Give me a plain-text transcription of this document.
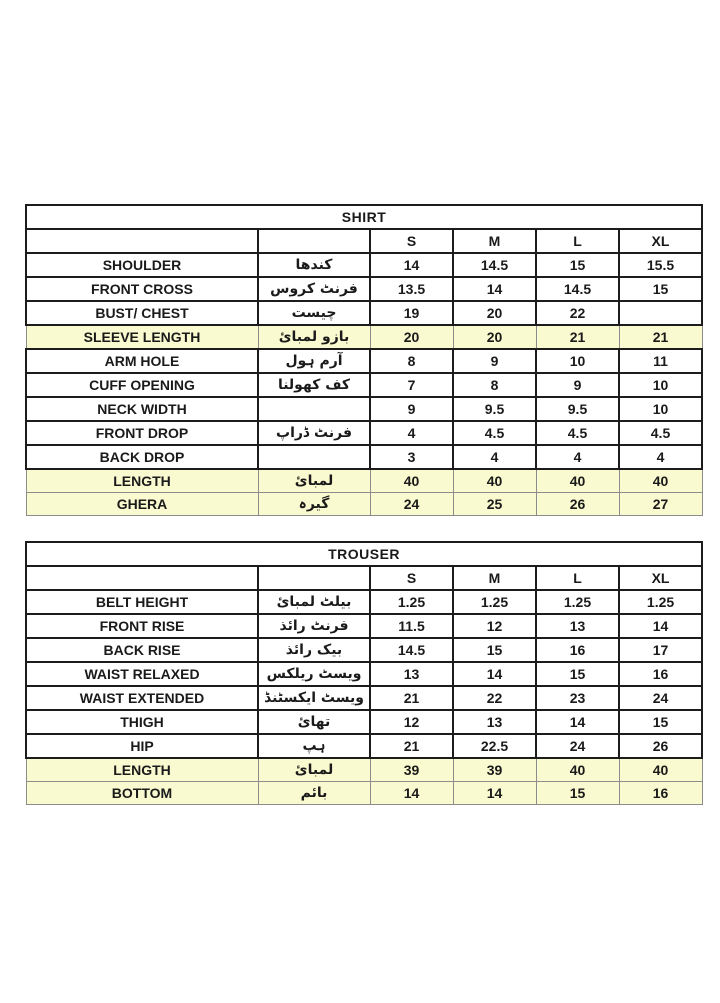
SHIRT					
		S	M	L	XL
SHOULDER	کندھا	14	14.5	15	15.5
FRONT CROSS	فرنٹ کروس	13.5	14	14.5	15
BUST/ CHEST	چیست	19	20	22	
SLEEVE LENGTH	بازو لمبائ	20	20	21	21
ARM HOLE	آرم ہول	8	9	10	11
CUFF OPENING	کف کھولنا	7	8	9	10
NECK WIDTH		9	9.5	9.5	10
FRONT DROP	فرنٹ ڈراپ	4	4.5	4.5	4.5
BACK DROP		3	4	4	4
LENGTH	لمبائ	40	40	40	40
GHERA	گیرہ	24	25	26	27
TROUSER					
		S	M	L	XL
BELT HEIGHT	بیلٹ لمبائ	1.25	1.25	1.25	1.25
FRONT RISE	فرنٹ رائذ	11.5	12	13	14
BACK RISE	بیک رائذ	14.5	15	16	17
WAIST RELAXED	ویسٹ ریلکس	13	14	15	16
WAIST EXTENDED	ویسٹ ایکسٹنڈ	21	22	23	24
THIGH	تھائ	12	13	14	15
HIP	ہپ	21	22.5	24	26
LENGTH	لمبائ	39	39	40	40
BOTTOM	بائم	14	14	15	16
